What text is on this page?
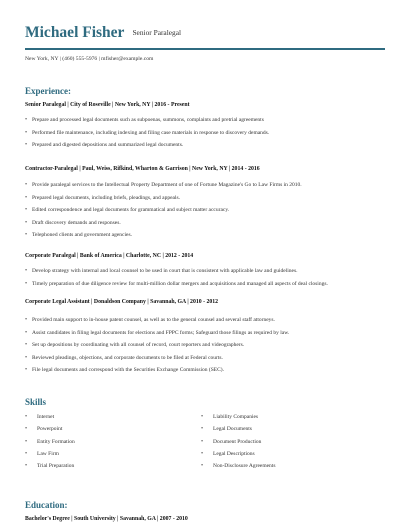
Michael Fisher Senior Paralegal
New York, NY | (460) 555-5976 | mfisher@example.com
Experience:
Senior Paralegal | City of Roseville | New York, NY | 2016 - Present
• Prepare and processed legal documents such as subpoenas, summons, complaints and pretrial agreements
• Performed file maintenance, including indexing and filing case materials in response to discovery demands.
• Prepared and digested depositions and summarized legal documents.
Contractor-Paralegal | Paul, Weiss, Rifkind, Wharton & Garrison | New York, NY | 2014 - 2016
• Provide paralegal services to the Intellectual Property Department of one of Fortune Magazine's Go to Law Firms in 2010.
• Prepared legal documents, including briefs, pleadings, and appeals.
• Edited correspondence and legal documents for grammatical and subject matter accuracy.
• Draft discovery demands and responses.
• Telephoned clients and government agencies.
Corporate Paralegal | Bank of America | Charlotte, NC | 2012 - 2014
• Develop strategy with internal and local counsel to be used in court that is consistent with applicable law and guidelines.
• Timely preparation of due diligence review for multi-million dollar mergers and acquisitions and managed all aspects of deal closings.
Corporate Legal Assistant | Donaldson Company | Savannah, GA | 2010 - 2012
• Provided main support to in-house patent counsel, as well as to the general counsel and several staff attorneys.
• Assist candidates in filing legal documents for elections and FPPC forms; Safeguard those filings as required by law.
• Set up depositions by coordinating with all counsel of record, court reporters and videographers.
• Reviewed pleadings, objections, and corporate documents to be filed at Federal courts.
• File legal documents and correspond with the Securities Exchange Commission (SEC).
Skills
• Internet
• Powerpoint
• Entity Formation
• Law Firm
• Trial Preparation
• Liability Companies
• Legal Documents
• Document Production
• Legal Descriptions
• Non-Disclosure Agreements
Education:
Bachelor's Degree | South University | Savannah, GA | 2007 - 2010
